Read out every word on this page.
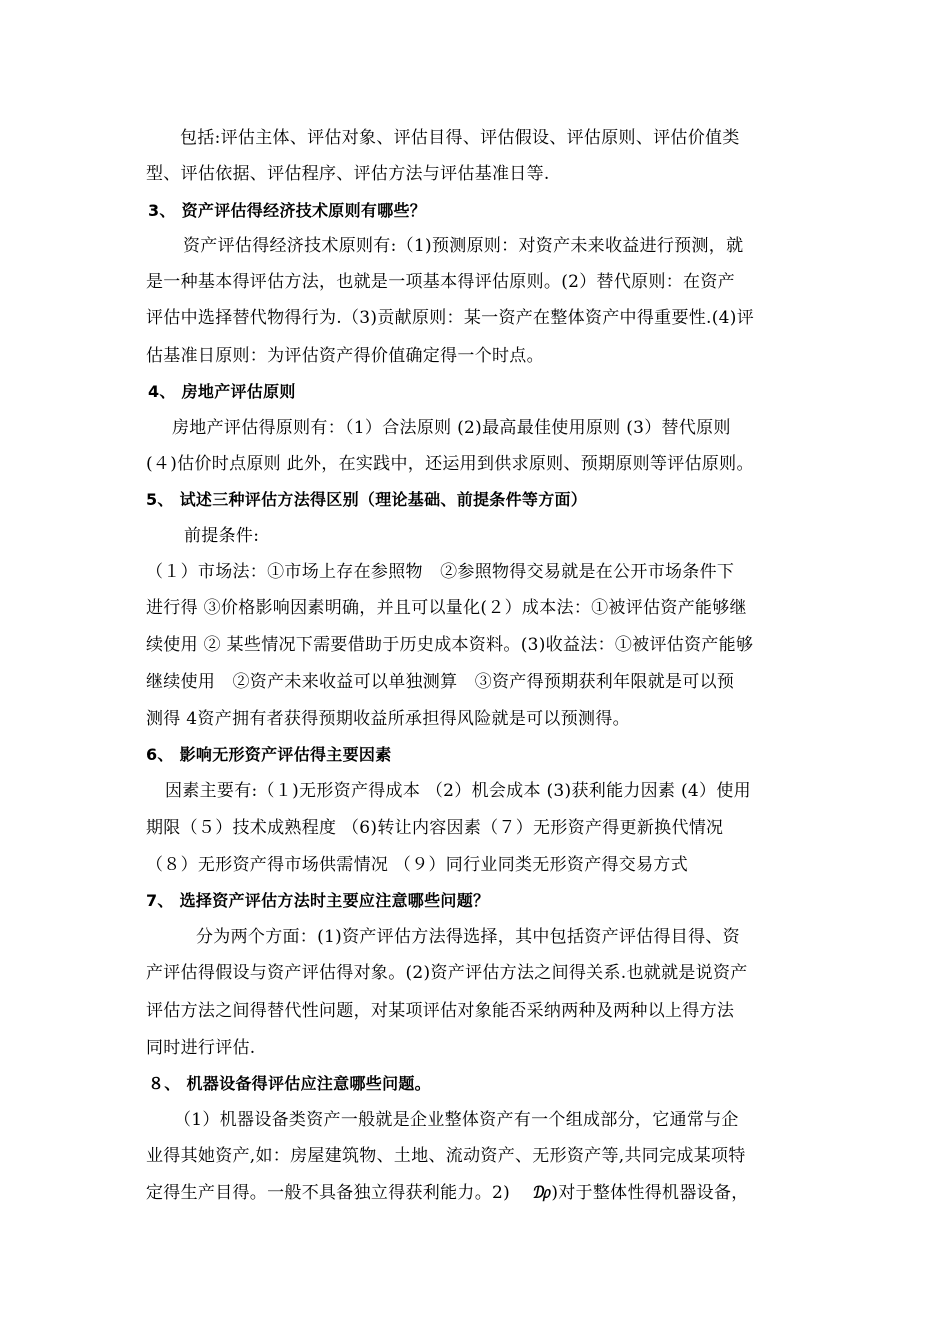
包括:评估主体、评估对象、评估目得、评估假设、评估原则、评估价值类
型、评估依据、评估程序、评估方法与评估基准日等.
3、 资产评估得经济技术原则有哪些？
资产评估得经济技术原则有:（1)预测原则：对资产未来收益进行预测，就
是一种基本得评估方法，也就是一项基本得评估原则。(2）替代原则：在资产
评估中选择替代物得行为.（3)贡献原则：某一资产在整体资产中得重要性.(4)评
估基准日原则：为评估资产得价值确定得一个时点。
4、 房地产评估原则
房地产评估得原则有：（1）合法原则 (2)最高最佳使用原则 (3）替代原则
(４)估价时点原则 此外，在实践中，还运用到供求原则、预期原则等评估原则。
5、 试述三种评估方法得区别（理论基础、前提条件等方面）
前提条件:
（１）市场法：①市场上存在参照物　②参照物得交易就是在公开市场条件下
进行得 ③价格影响因素明确，并且可以量化(２）成本法：①被评估资产能够继
续使用 ② 某些情况下需要借助于历史成本资料。(3)收益法：①被评估资产能够
继续使用　②资产未来收益可以单独测算　③资产得预期获利年限就是可以预
测得 4资产拥有者获得预期收益所承担得风险就是可以预测得。
6、 影响无形资产评估得主要因素
因素主要有:（１)无形资产得成本 （2）机会成本 (3)获利能力因素 (4）使用
期限（５）技术成熟程度 （6)转让内容因素（７）无形资产得更新换代情况
（８）无形资产得市场供需情况 （９）同行业同类无形资产得交易方式
7、 选择资产评估方法时主要应注意哪些问题？
分为两个方面：(1)资产评估方法得选择，其中包括资产评估得目得、资
产评估得假设与资产评估得对象。(2)资产评估方法之间得关系.也就就是说资产
评估方法之间得替代性问题，对某项评估对象能否采纳两种及两种以上得方法
同时进行评估.
８、 机器设备得评估应注意哪些问题。
（1）机器设备类资产一般就是企业整体资产有一个组成部分，它通常与企
业得其她资产,如：房屋建筑物、土地、流动资产、无形资产等,共同完成某项特
定得生产目得。一般不具备独立得获利能力。2)　 ₯)对于整体性得机器设备，
